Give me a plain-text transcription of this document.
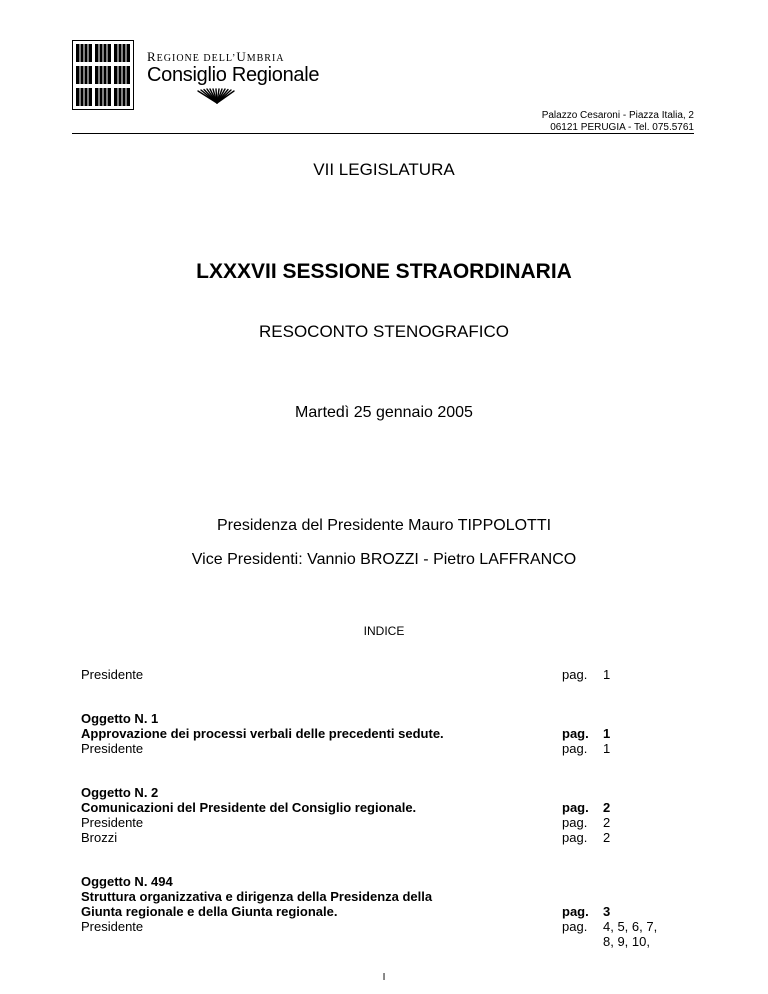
REGIONE DELL’UMBRIA
Consiglio Regionale
Palazzo Cesaroni - Piazza Italia, 2
06121 PERUGIA - Tel. 075.5761
VII LEGISLATURA
LXXXVII SESSIONE STRAORDINARIA
RESOCONTO STENOGRAFICO
Martedì 25 gennaio 2005
Presidenza del Presidente Mauro TIPPOLOTTI
Vice Presidenti: Vannio BROZZI - Pietro LAFFRANCO
INDICE
Presidente	pag. 1
Oggetto N. 1
Approvazione dei processi verbali delle precedenti sedute.	pag. 1
Presidente	pag. 1
Oggetto N. 2
Comunicazioni del Presidente del Consiglio regionale.	pag. 2
Presidente	pag. 2
Brozzi	pag. 2
Oggetto N. 494
Struttura organizzativa e dirigenza della Presidenza della
Giunta regionale e della Giunta regionale.	pag. 3
Presidente	pag. 4, 5, 6, 7,
8, 9, 10,
I
